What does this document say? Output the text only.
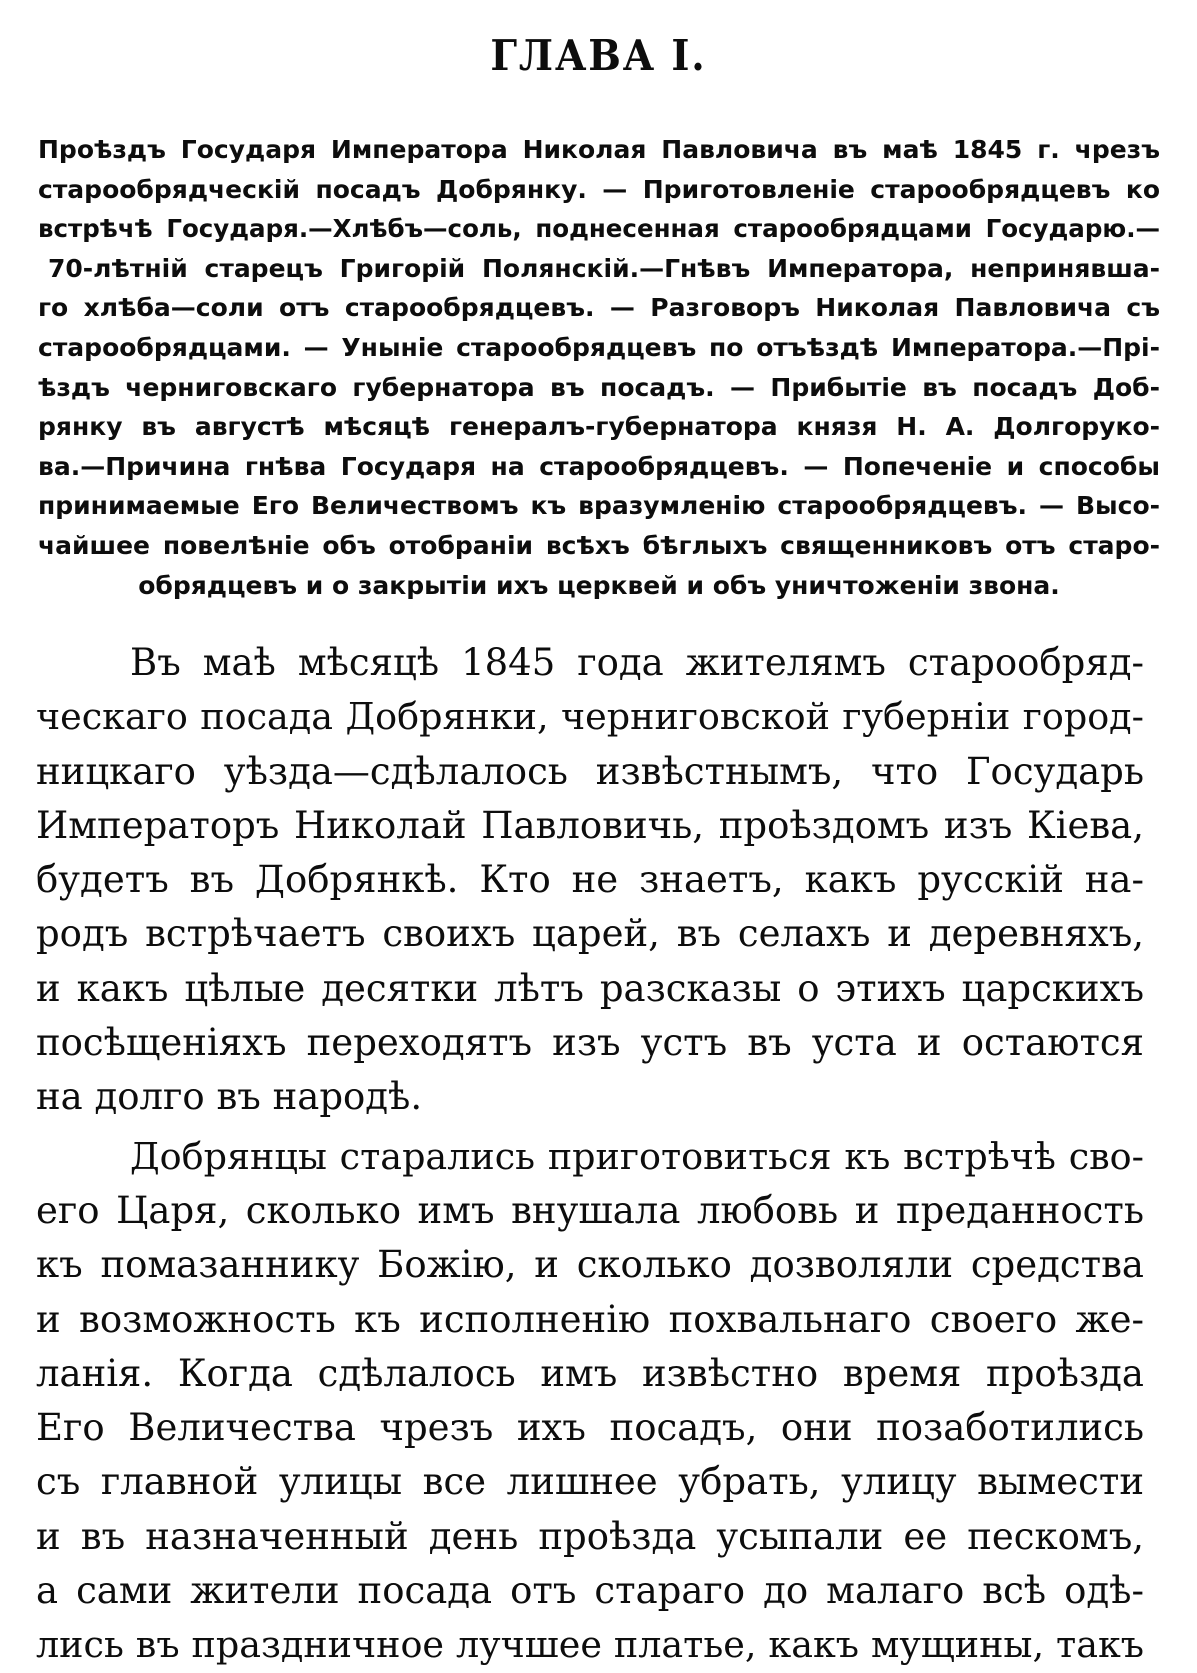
ГЛАВА I.
Проѣздъ Государя Императора Николая Павловича въ маѣ 1845 г. чрезъ
старообрядческій посадъ Добрянку. — Приготовленіе старообрядцевъ ко
встрѣчѣ Государя.—Хлѣбъ—соль, поднесенная старообрядцами Государю.—
70-лѣтній старецъ Григорій Полянскій.—Гнѣвъ Императора, непринявша-
го хлѣба—соли отъ старообрядцевъ. — Разговоръ Николая Павловича съ
старообрядцами. — Уныніе старообрядцевъ по отъѣздѣ Императора.—Прі-
ѣздъ черниговскаго губернатора въ посадъ. — Прибытіе въ посадъ Доб-
рянку въ августѣ мѣсяцѣ генералъ-губернатора князя Н. А. Долгоруко-
ва.—Причина гнѣва Государя на старообрядцевъ. — Попеченіе и способы
принимаемые Его Величествомъ къ вразумленію старообрядцевъ. — Высо-
чайшее повелѣніе объ отобраніи всѣхъ бѣглыхъ священниковъ отъ старо-
обрядцевъ и о закрытіи ихъ церквей и объ уничтоженіи звона.
Въ маѣ мѣсяцѣ 1845 года жителямъ старообряд-
ческаго посада Добрянки, черниговской губерніи город-
ницкаго уѣзда—сдѣлалось извѣстнымъ, что Государь
Императоръ Николай Павловичь, проѣздомъ изъ Кіева,
будетъ въ Добрянкѣ. Кто не знаетъ, какъ русскій на-
родъ встрѣчаетъ своихъ царей, въ селахъ и деревняхъ,
и какъ цѣлые десятки лѣтъ разсказы о этихъ царскихъ
посѣщеніяхъ переходятъ изъ устъ въ уста и остаются
на долго въ народѣ.
Добрянцы старались приготовиться къ встрѣчѣ сво-
его Царя, сколько имъ внушала любовь и преданность
къ помазаннику Божію, и сколько дозволяли средства
и возможность къ исполненію похвальнаго своего же-
ланія. Когда сдѣлалось имъ извѣстно время проѣзда
Его Величества чрезъ ихъ посадъ, они позаботились
съ главной улицы все лишнее убрать, улицу вымести
и въ назначенный день проѣзда усыпали ее пескомъ,
а сами жители посада отъ стараго до малаго всѣ одѣ-
лись въ праздничное лучшее платье, какъ мущины, такъ
